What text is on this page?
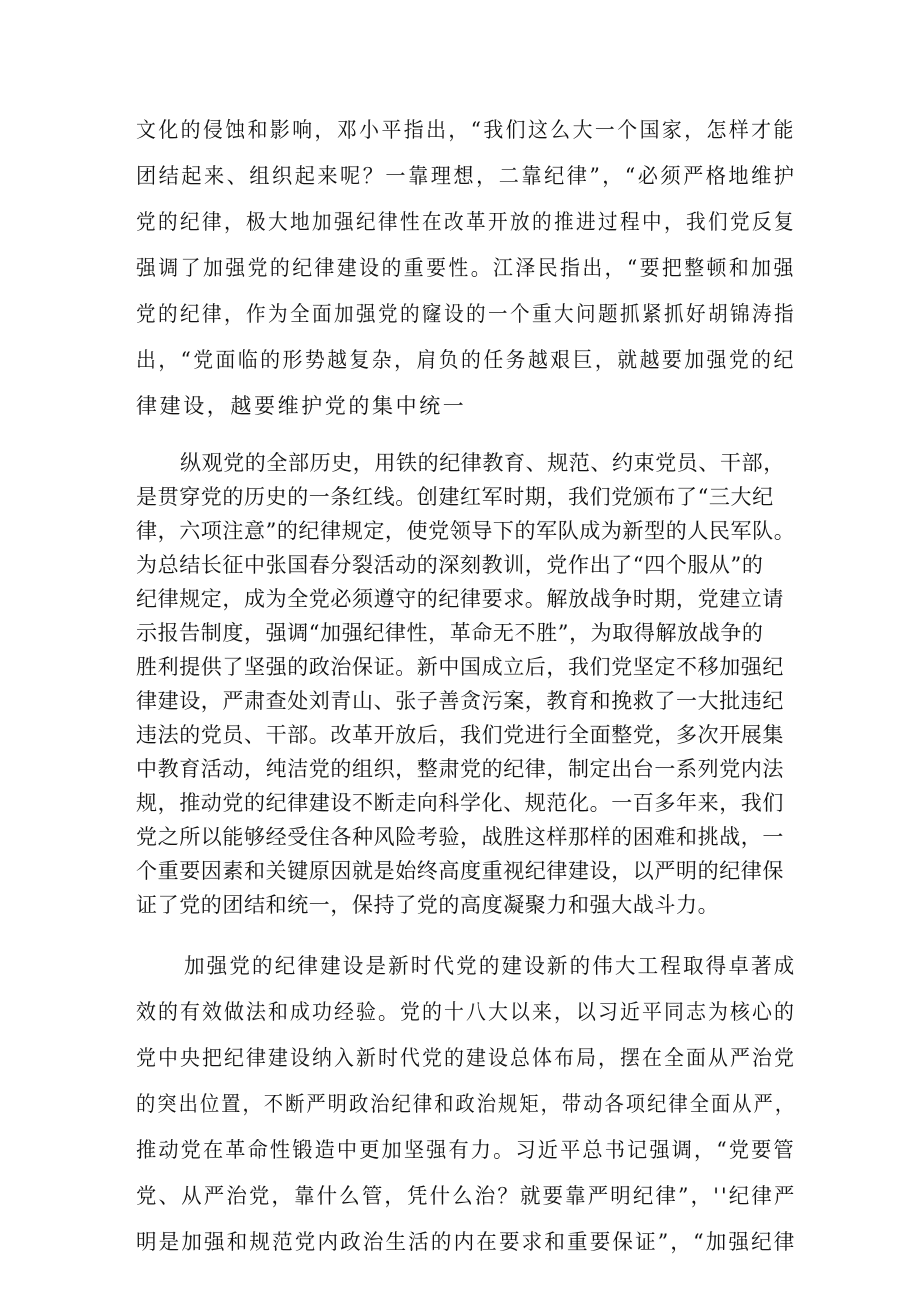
文化的侵蚀和影响，邓小平指出，“我们这么大一个国家，怎样才能
团结起来、组织起来呢？一靠理想，二靠纪律”，“必须严格地维护
党的纪律，极大地加强纪律性在改革开放的推进过程中，我们党反复
强调了加强党的纪律建设的重要性。江泽民指出，“要把整顿和加强
党的纪律，作为全面加强党的窿设的一个重大问题抓紧抓好胡锦涛指
出，“党面临的形势越复杂，肩负的任务越艰巨，就越要加强党的纪
律建设，越要维护党的集中统一
纵观党的全部历史，用铁的纪律教育、规范、约束党员、干部，
是贯穿党的历史的一条红线。创建红军时期，我们党颁布了“三大纪
律，六项注意”的纪律规定，使党领导下的军队成为新型的人民军队。
为总结长征中张国春分裂活动的深刻教训，党作出了“四个服从”的
纪律规定，成为全党必须遵守的纪律要求。解放战争时期，党建立请
示报告制度，强调“加强纪律性，革命无不胜”，为取得解放战争的
胜利提供了坚强的政治保证。新中国成立后，我们党坚定不移加强纪
律建设，严肃查处刘青山、张子善贪污案，教育和挽救了一大批违纪
违法的党员、干部。改革开放后，我们党进行全面整党，多次开展集
中教育活动，纯洁党的组织，整肃党的纪律，制定出台一系列党内法
规，推动党的纪律建设不断走向科学化、规范化。一百多年来，我们
党之所以能够经受住各种风险考验，战胜这样那样的困难和挑战，一
个重要因素和关键原因就是始终高度重视纪律建设，以严明的纪律保
证了党的团结和统一，保持了党的高度凝聚力和强大战斗力。
加强党的纪律建设是新时代党的建设新的伟大工程取得卓著成
效的有效做法和成功经验。党的十八大以来，以习近平同志为核心的
党中央把纪律建设纳入新时代党的建设总体布局，摆在全面从严治党
的突出位置，不断严明政治纪律和政治规矩，带动各项纪律全面从严，
推动党在革命性锻造中更加坚强有力。习近平总书记强调，“党要管
党、从严治党，靠什么管，凭什么治？就要靠严明纪律”，''纪律严
明是加强和规范党内政治生活的内在要求和重要保证”，“加强纪律
